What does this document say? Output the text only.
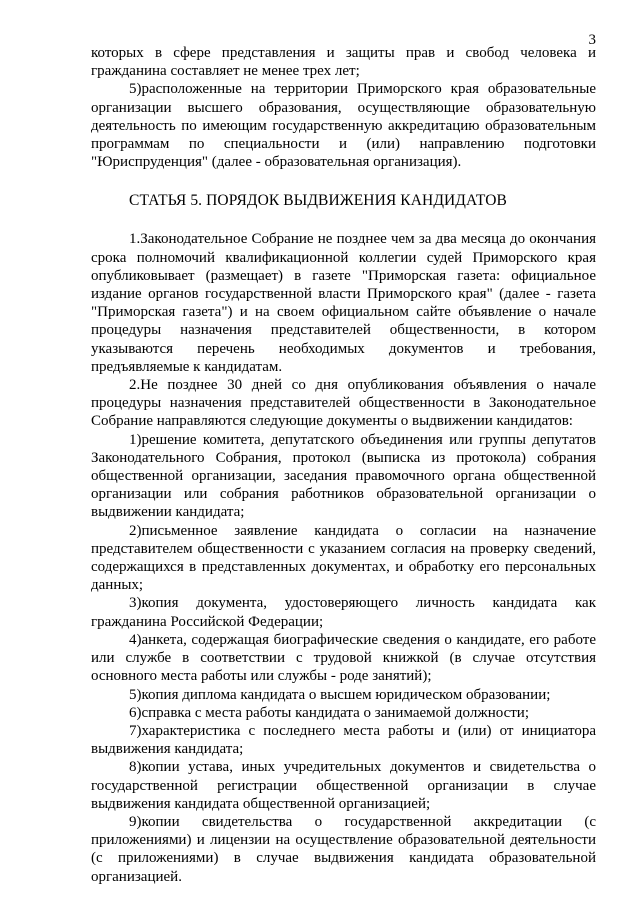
3

которых в сфере представления и защиты прав и свобод человека и гражданина составляет не менее трех лет;

5)расположенные на территории Приморского края образовательные организации высшего образования, осуществляющие образовательную деятельность по имеющим государственную аккредитацию образовательным программам по специальности и (или) направлению подготовки "Юриспруденция" (далее - образовательная организация).

СТАТЬЯ 5. ПОРЯДОК ВЫДВИЖЕНИЯ КАНДИДАТОВ

1.Законодательное Собрание не позднее чем за два месяца до окончания срока полномочий квалификационной коллегии судей Приморского края опубликовывает (размещает) в газете "Приморская газета: официальное издание органов государственной власти Приморского края" (далее - газета "Приморская газета") и на своем официальном сайте объявление о начале процедуры назначения представителей общественности, в котором указываются перечень необходимых документов и требования, предъявляемые к кандидатам.

2.Не позднее 30 дней со дня опубликования объявления о начале процедуры назначения представителей общественности в Законодательное Собрание направляются следующие документы о выдвижении кандидатов:

1)решение комитета, депутатского объединения или группы депутатов Законодательного Собрания, протокол (выписка из протокола) собрания общественной организации, заседания правомочного органа общественной организации или собрания работников образовательной организации о выдвижении кандидата;

2)письменное заявление кандидата о согласии на назначение представителем общественности с указанием согласия на проверку сведений, содержащихся в представленных документах, и обработку его персональных данных;

3)копия документа, удостоверяющего личность кандидата как гражданина Российской Федерации;

4)анкета, содержащая биографические сведения о кандидате, его работе или службе в соответствии с трудовой книжкой (в случае отсутствия основного места работы или службы - роде занятий);

5)копия диплома кандидата о высшем юридическом образовании;

6)справка с места работы кандидата о занимаемой должности;

7)характеристика с последнего места работы и (или) от инициатора выдвижения кандидата;

8)копии устава, иных учредительных документов и свидетельства о государственной регистрации общественной организации в случае выдвижения кандидата общественной организацией;

9)копии свидетельства о государственной аккредитации (с приложениями) и лицензии на осуществление образовательной деятельности (с приложениями) в случае выдвижения кандидата образовательной организацией.
